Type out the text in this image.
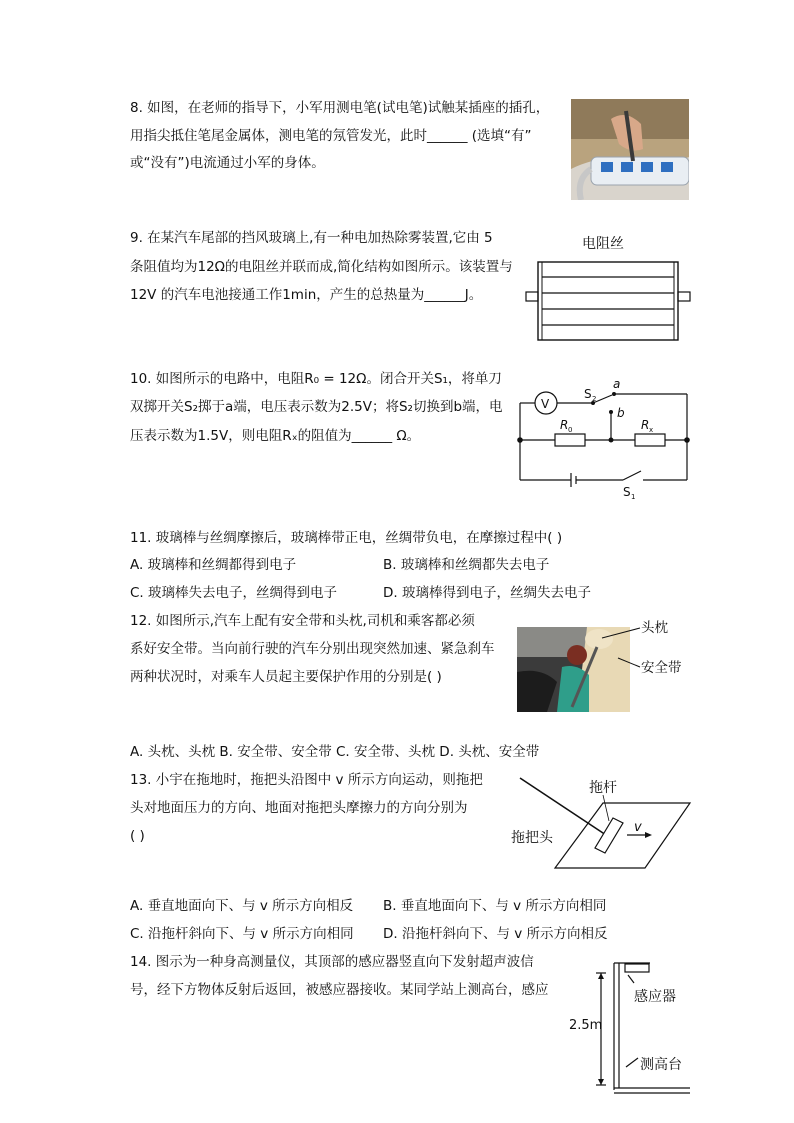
8. 如图，在老师的指导下，小军用测电笔(试电笔)试触某插座的插孔，
用指尖抵住笔尾金属体，测电笔的氖管发光，此时______ (选填“有”
或“没有”)电流通过小军的身体。
9. 在某汽车尾部的挡风玻璃上,有一种电加热除雾装置,它由 5
条阻值均为12Ω的电阻丝并联而成,简化结构如图所示。该装置与
12V 的汽车电池接通工作1min，产生的总热量为______J。
电阻丝
10. 如图所示的电路中，电阻R₀ = 12Ω。闭合开关S₁，将单刀
双掷开关S₂掷于a端，电压表示数为2.5V；将S₂切换到b端，电
压表示数为1.5V，则电阻Rₓ的阻值为______ Ω。
V
S 2
a
b
R 0	R x
S 1
11. 玻璃棒与丝绸摩擦后，玻璃棒带正电，丝绸带负电，在摩擦过程中( )
A. 玻璃棒和丝绸都得到电子	B. 玻璃棒和丝绸都失去电子
C. 玻璃棒失去电子，丝绸得到电子	D. 玻璃棒得到电子，丝绸失去电子
12. 如图所示,汽车上配有安全带和头枕,司机和乘客都必须
系好安全带。当向前行驶的汽车分别出现突然加速、紧急刹车
两种状况时，对乘车人员起主要保护作用的分别是( )
头枕
安全带
A. 头枕、头枕 B. 安全带、安全带 C. 安全带、头枕 D. 头枕、安全带
13. 小宇在拖地时，拖把头沿图中 v 所示方向运动，则拖把
头对地面压力的方向、地面对拖把头摩擦力的方向分别为
( )
拖杆
拖把头
v
A. 垂直地面向下、与 v 所示方向相反 B. 垂直地面向下、与 v 所示方向相同
C. 沿拖杆斜向下、与 v 所示方向相同 D. 沿拖杆斜向下、与 v 所示方向相反
14. 图示为一种身高测量仪，其顶部的感应器竖直向下发射超声波信
号，经下方物体反射后返回，被感应器接收。某同学站上测高台，感应
2.5m
感应器
测高台
